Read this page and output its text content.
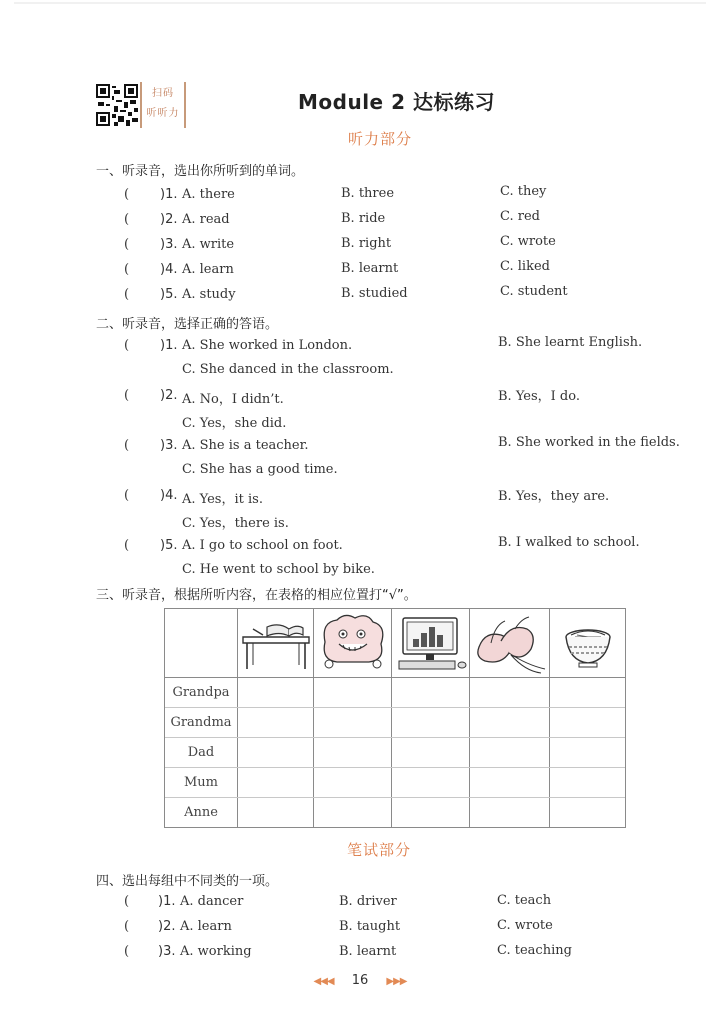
扫码
听听力	Module 2 达标练习
听力部分
一、听录音，选出你所听到的单词。
( )1. A. there	B. three	C. they
( )2. A. read	B. ride	C. red
( )3. A. write	B. right	C. wrote
( )4. A. learn	B. learnt	C. liked
( )5. A. study	B. studied	C. student
二、听录音，选择正确的答语。
( )1. A. She worked in London.	B. She learnt English.
C. She danced in the classroom.
( )2. A. No，I didn’t.	B. Yes，I do.
C. Yes，she did.
( )3. A. She is a teacher.	B. She worked in the fields.
C. She has a good time.
( )4. A. Yes，it is.	B. Yes，they are.
C. Yes，there is.
( )5. A. I go to school on foot.	B. I walked to school.
C. He went to school by bike.
三、听录音，根据所听内容，在表格的相应位置打“√”。
Grandpa
Grandma
Dad
Mum
Anne
笔试部分
四、选出每组中不同类的一项。
( )1. A. dancer	B. driver	C. teach
( )2. A. learn	B. taught	C. wrote
( )3. A. working	B. learnt	C. teaching
◀◀◀ 16 ▶▶▶
